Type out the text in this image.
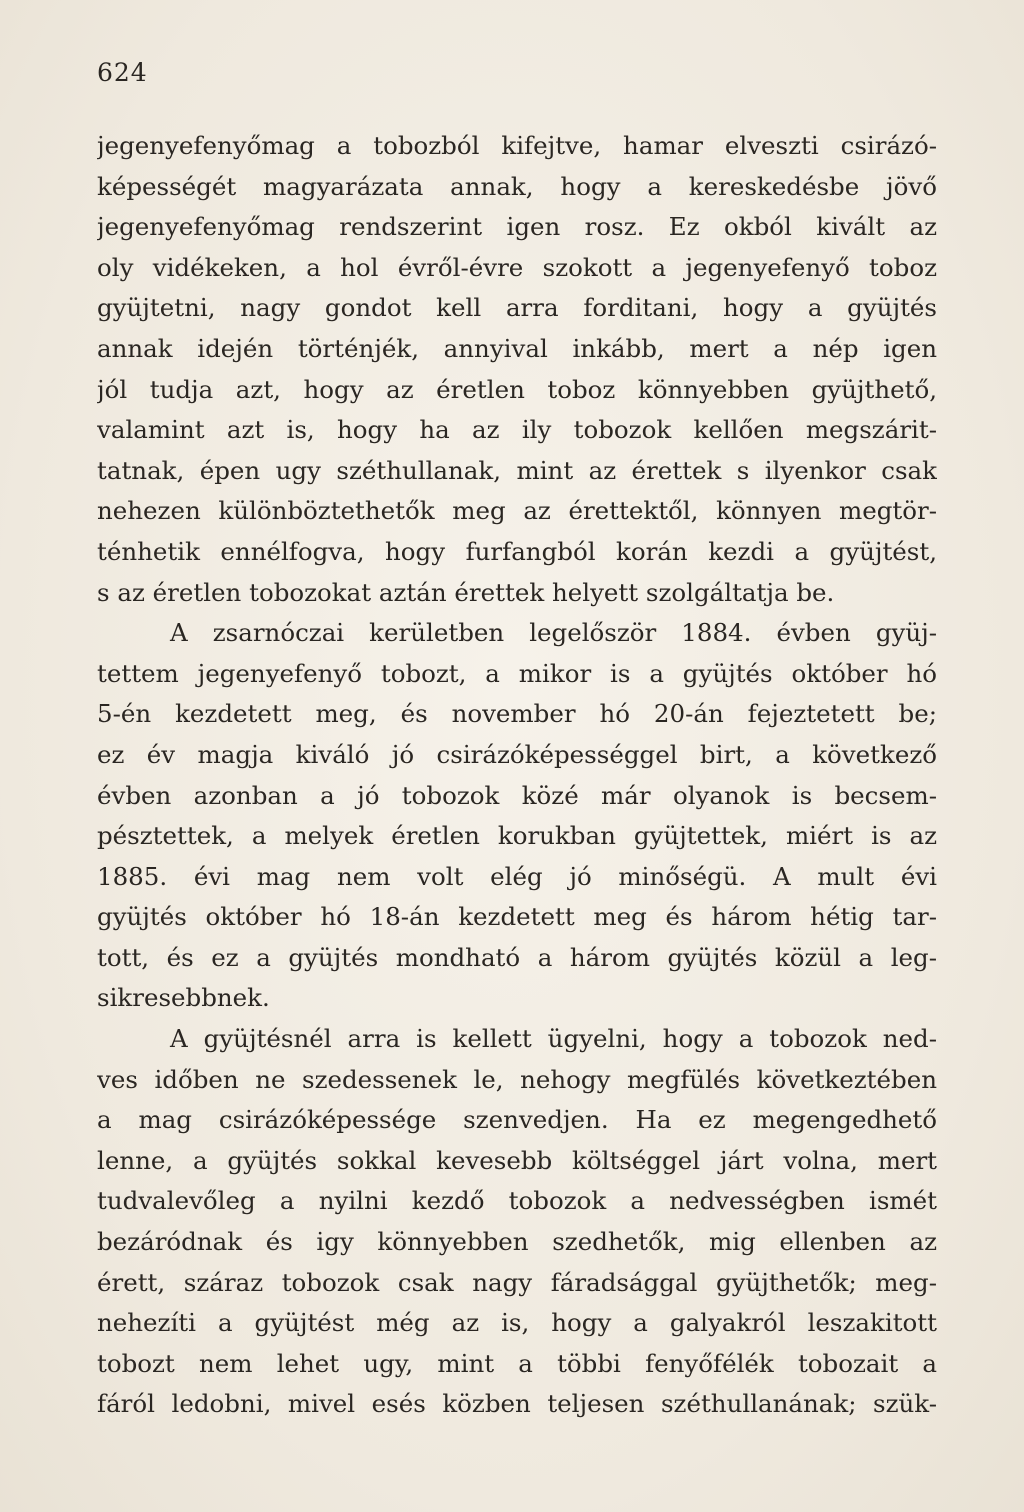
624
jegenyefenyőmag a tobozból kifejtve, hamar elveszti csirázó-
képességét magyarázata annak, hogy a kereskedésbe jövő
jegenyefenyőmag rendszerint igen rosz. Ez okból kivált az
oly vidékeken, a hol évről-évre szokott a jegenyefenyő toboz
gyüjtetni, nagy gondot kell arra forditani, hogy a gyüjtés
annak idején történjék, annyival inkább, mert a nép igen
jól tudja azt, hogy az éretlen toboz könnyebben gyüjthető,
valamint azt is, hogy ha az ily tobozok kellően megszárit-
tatnak, épen ugy széthullanak, mint az érettek s ilyenkor csak
nehezen különböztethetők meg az érettektől, könnyen megtör-
ténhetik ennélfogva, hogy furfangból korán kezdi a gyüjtést,
s az éretlen tobozokat aztán érettek helyett szolgáltatja be.
A zsarnóczai kerületben legelőször 1884. évben gyüj-
tettem jegenyefenyő tobozt, a mikor is a gyüjtés október hó
5-én kezdetett meg, és november hó 20-án fejeztetett be;
ez év magja kiváló jó csirázóképességgel birt, a következő
évben azonban a jó tobozok közé már olyanok is becsem-
pésztettek, a melyek éretlen korukban gyüjtettek, miért is az
1885. évi mag nem volt elég jó minőségü. A mult évi
gyüjtés október hó 18-án kezdetett meg és három hétig tar-
tott, és ez a gyüjtés mondható a három gyüjtés közül a leg-
sikresebbnek.
A gyüjtésnél arra is kellett ügyelni, hogy a tobozok ned-
ves időben ne szedessenek le, nehogy megfülés következtében
a mag csirázóképessége szenvedjen. Ha ez megengedhető
lenne, a gyüjtés sokkal kevesebb költséggel járt volna, mert
tudvalevőleg a nyilni kezdő tobozok a nedvességben ismét
bezáródnak és igy könnyebben szedhetők, mig ellenben az
érett, száraz tobozok csak nagy fáradsággal gyüjthetők; meg-
nehezíti a gyüjtést még az is, hogy a galyakról leszakitott
tobozt nem lehet ugy, mint a többi fenyőfélék tobozait a
fáról ledobni, mivel esés közben teljesen széthullanának; szük-
